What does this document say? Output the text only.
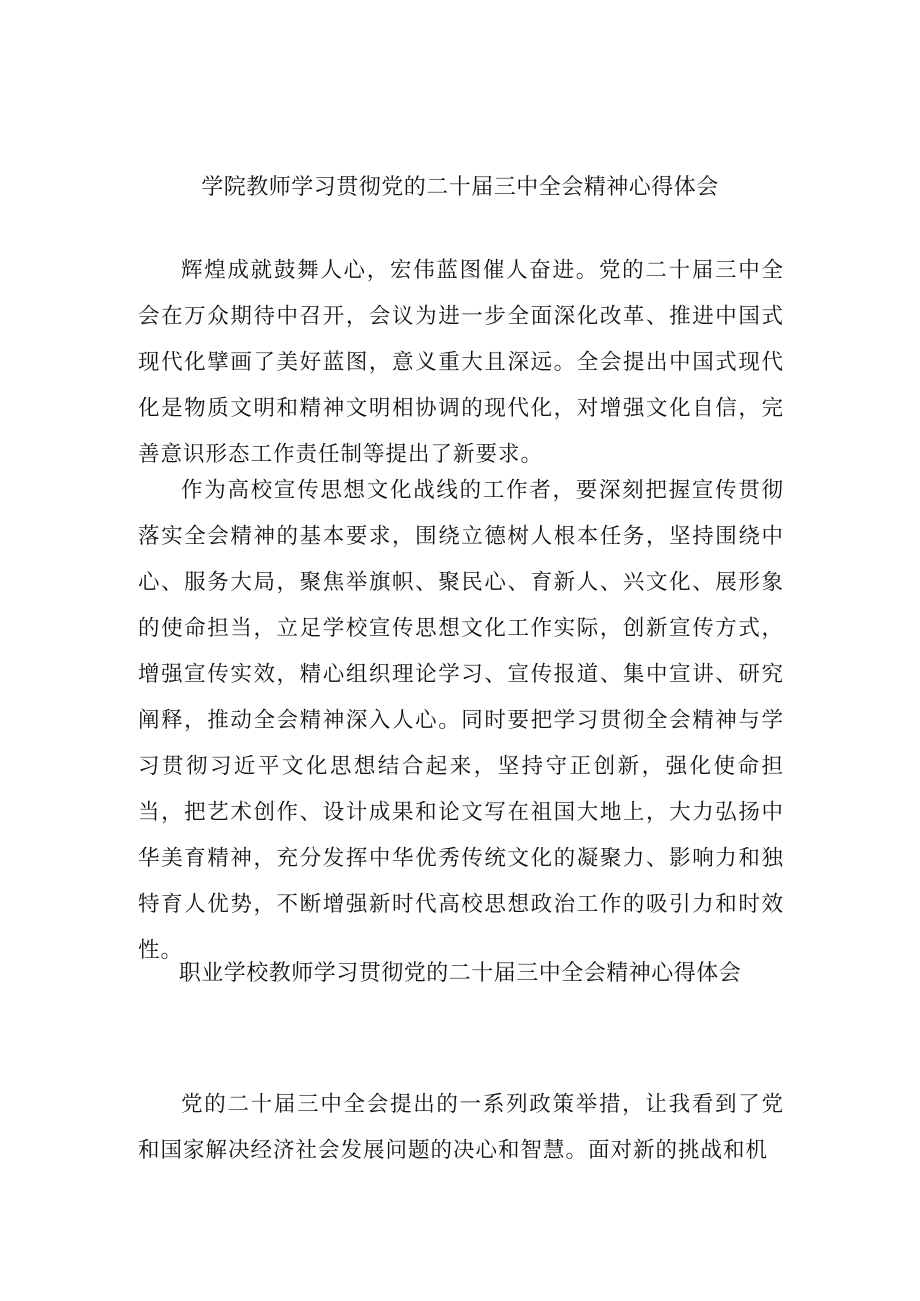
学院教师学习贯彻党的二十届三中全会精神心得体会

辉煌成就鼓舞人心，宏伟蓝图催人奋进。党的二十届三中全会在万众期待中召开，会议为进一步全面深化改革、推进中国式现代化擘画了美好蓝图，意义重大且深远。全会提出中国式现代化是物质文明和精神文明相协调的现代化，对增强文化自信，完善意识形态工作责任制等提出了新要求。

作为高校宣传思想文化战线的工作者，要深刻把握宣传贯彻落实全会精神的基本要求，围绕立德树人根本任务，坚持围绕中心、服务大局，聚焦举旗帜、聚民心、育新人、兴文化、展形象的使命担当，立足学校宣传思想文化工作实际，创新宣传方式，增强宣传实效，精心组织理论学习、宣传报道、集中宣讲、研究阐释，推动全会精神深入人心。同时要把学习贯彻全会精神与学习贯彻习近平文化思想结合起来，坚持守正创新，强化使命担当，把艺术创作、设计成果和论文写在祖国大地上，大力弘扬中华美育精神，充分发挥中华优秀传统文化的凝聚力、影响力和独特育人优势，不断增强新时代高校思想政治工作的吸引力和时效性。

职业学校教师学习贯彻党的二十届三中全会精神心得体会

党的二十届三中全会提出的一系列政策举措，让我看到了党和国家解决经济社会发展问题的决心和智慧。面对新的挑战和机
